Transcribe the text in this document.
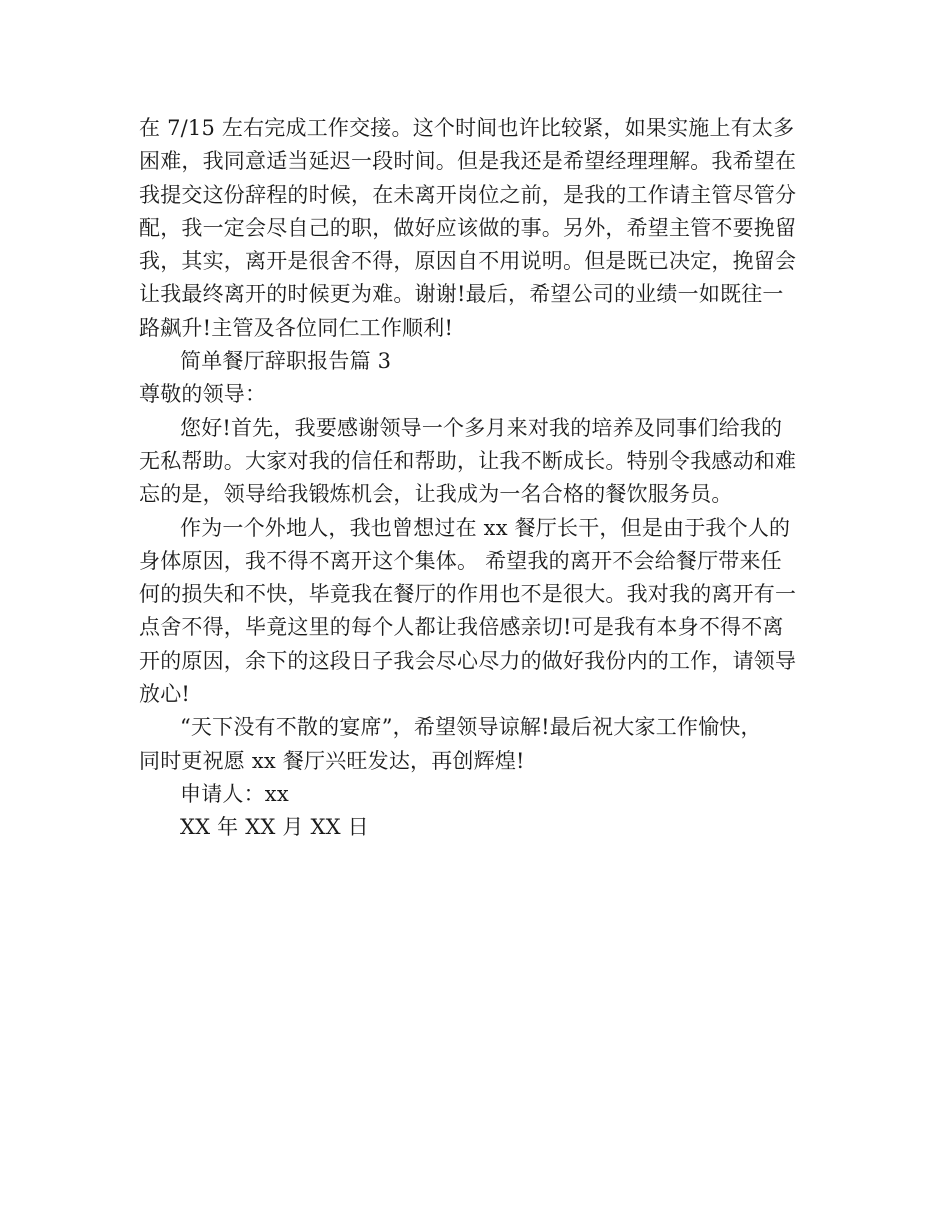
在 7/15 左右完成工作交接。这个时间也许比较紧，如果实施上有太多
困难，我同意适当延迟一段时间。但是我还是希望经理理解。我希望在
我提交这份辞程的时候，在未离开岗位之前，是我的工作请主管尽管分
配，我一定会尽自己的职，做好应该做的事。另外，希望主管不要挽留
我，其实，离开是很舍不得，原因自不用说明。但是既已决定，挽留会
让我最终离开的时候更为难。谢谢!最后，希望公司的业绩一如既往一
路飙升!主管及各位同仁工作顺利!
简单餐厅辞职报告篇 3
尊敬的领导：
您好!首先，我要感谢领导一个多月来对我的培养及同事们给我的
无私帮助。大家对我的信任和帮助，让我不断成长。特别令我感动和难
忘的是，领导给我锻炼机会，让我成为一名合格的餐饮服务员。
作为一个外地人，我也曾想过在 xx 餐厅长干，但是由于我个人的
身体原因，我不得不离开这个集体。 希望我的离开不会给餐厅带来任
何的损失和不快，毕竟我在餐厅的作用也不是很大。我对我的离开有一
点舍不得，毕竟这里的每个人都让我倍感亲切!可是我有本身不得不离
开的原因，余下的这段日子我会尽心尽力的做好我份内的工作，请领导
放心!
“天下没有不散的宴席”，希望领导谅解!最后祝大家工作愉快，
同时更祝愿 xx 餐厅兴旺发达，再创辉煌!
申请人：xx
XX 年 XX 月 XX 日
